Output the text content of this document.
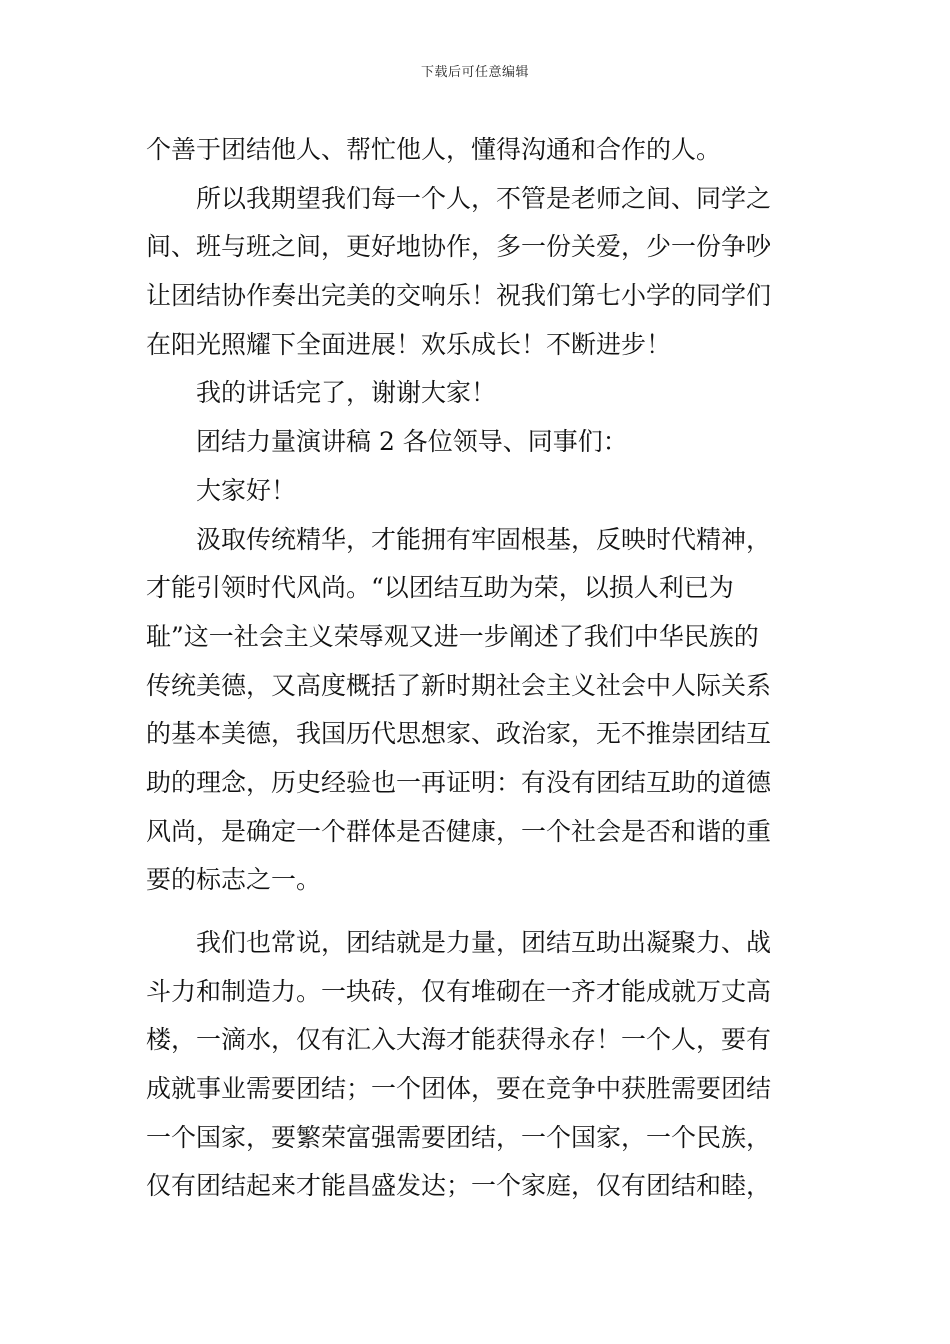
下载后可任意编辑
个善于团结他人、帮忙他人，懂得沟通和合作的人。
所以我期望我们每一个人，不管是老师之间、同学之
间、班与班之间，更好地协作，多一份关爱，少一份争吵
让团结协作奏出完美的交响乐！祝我们第七小学的同学们
在阳光照耀下全面进展！欢乐成长！不断进步！
我的讲话完了，谢谢大家！
团结力量演讲稿 2 各位领导、同事们：
大家好！
汲取传统精华，才能拥有牢固根基，反映时代精神，
才能引领时代风尚。“以团结互助为荣，以损人利已为
耻”这一社会主义荣辱观又进一步阐述了我们中华民族的
传统美德，又高度概括了新时期社会主义社会中人际关系
的基本美德，我国历代思想家、政治家，无不推崇团结互
助的理念，历史经验也一再证明：有没有团结互助的道德
风尚，是确定一个群体是否健康，一个社会是否和谐的重
要的标志之一。
我们也常说，团结就是力量，团结互助出凝聚力、战
斗力和制造力。一块砖，仅有堆砌在一齐才能成就万丈高
楼，一滴水，仅有汇入大海才能获得永存！一个人，要有
成就事业需要团结；一个团体，要在竞争中获胜需要团结
一个国家，要繁荣富强需要团结，一个国家，一个民族，
仅有团结起来才能昌盛发达；一个家庭，仅有团结和睦，
